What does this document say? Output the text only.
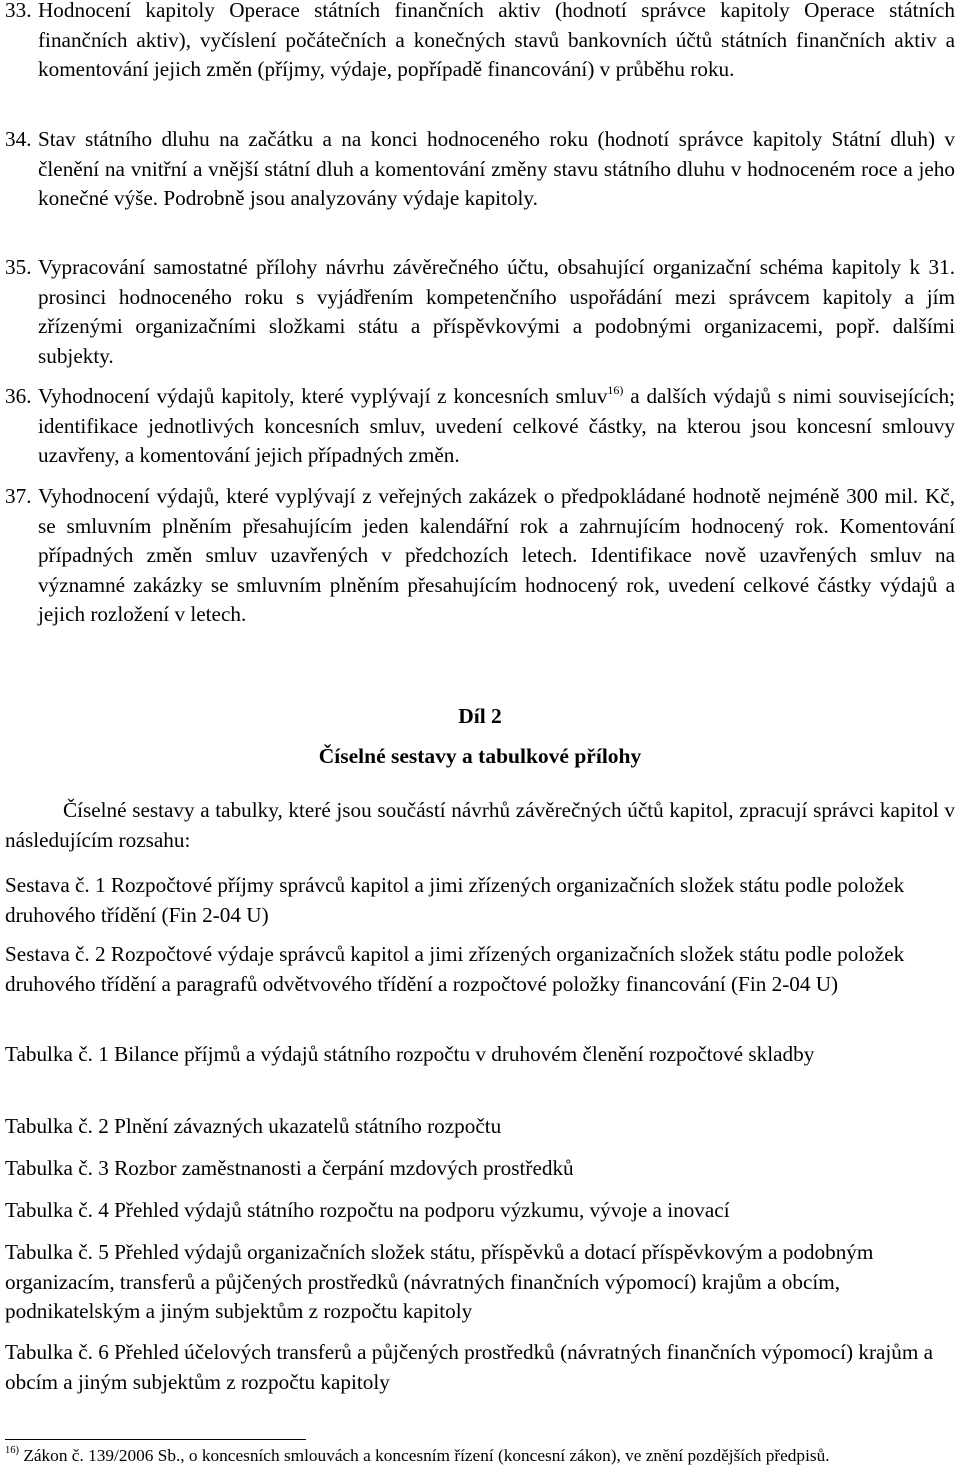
33. Hodnocení kapitoly Operace státních finančních aktiv (hodnotí správce kapitoly Operace státních finančních aktiv), vyčíslení počátečních a konečných stavů bankovních účtů státních finančních aktiv a komentování jejich změn (příjmy, výdaje, popřípadě financování) v průběhu roku.
34. Stav státního dluhu na začátku a na konci hodnoceného roku (hodnotí správce kapitoly Státní dluh) v členění na vnitřní a vnější státní dluh a komentování změny stavu státního dluhu v hodnoceném roce a jeho konečné výše. Podrobně jsou analyzovány výdaje kapitoly.
35. Vypracování samostatné přílohy návrhu závěrečného účtu, obsahující organizační schéma kapitoly k 31. prosinci hodnoceného roku s vyjádřením kompetenčního uspořádání mezi správcem kapitoly a jím zřízenými organizačními složkami státu a příspěvkovými a podobnými organizacemi, popř. dalšími subjekty.
36. Vyhodnocení výdajů kapitoly, které vyplývají z koncesních smluv$^{16)}$ a dalších výdajů s nimi souvisejících; identifikace jednotlivých koncesních smluv, uvedení celkové částky, na kterou jsou koncesní smlouvy uzavřeny, a komentování jejich případných změn.
37. Vyhodnocení výdajů, které vyplývají z veřejných zakázek o předpokládané hodnotě nejméně 300 mil. Kč, se smluvním plněním přesahujícím jeden kalendářní rok a zahrnujícím hodnocený rok. Komentování případných změn smluv uzavřených v předchozích letech. Identifikace nově uzavřených smluv na významné zakázky se smluvním plněním přesahujícím hodnocený rok, uvedení celkové částky výdajů a jejich rozložení v letech.
Díl 2
Číselné sestavy a tabulkové přílohy
Číselné sestavy a tabulky, které jsou součástí návrhů závěrečných účtů kapitol, zpracují správci kapitol v následujícím rozsahu:
Sestava č. 1 Rozpočtové příjmy správců kapitol a jimi zřízených organizačních složek státu podle položek druhového třídění (Fin 2-04 U)
Sestava č. 2 Rozpočtové výdaje správců kapitol a jimi zřízených organizačních složek státu podle položek druhového třídění a paragrafů odvětvového třídění a rozpočtové položky financování (Fin 2-04 U)
Tabulka č. 1 Bilance příjmů a výdajů státního rozpočtu v druhovém členění rozpočtové skladby
Tabulka č. 2 Plnění závazných ukazatelů státního rozpočtu
Tabulka č. 3 Rozbor zaměstnanosti a čerpání mzdových prostředků
Tabulka č. 4 Přehled výdajů státního rozpočtu na podporu výzkumu, vývoje a inovací
Tabulka č. 5 Přehled výdajů organizačních složek státu, příspěvků a dotací příspěvkovým a podobným organizacím, transferů a půjčených prostředků (návratných finančních výpomocí) krajům a obcím, podnikatelským a jiným subjektům z rozpočtu kapitoly
Tabulka č. 6 Přehled účelových transferů a půjčených prostředků (návratných finančních výpomocí) krajům a obcím a jiným subjektům z rozpočtu kapitoly
$^{16)}$ Zákon č. 139/2006 Sb., o koncesních smlouvách a koncesním řízení (koncesní zákon), ve znění pozdějších předpisů.
